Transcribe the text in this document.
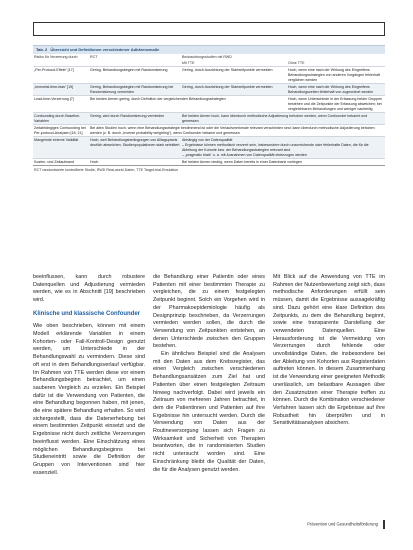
Tab. 2 Übersicht und Definitionen verschiedener Adhärenzmaße
Risiko für Verzerrung durch	RCT	Beobachtungsstudien mit RWD	
		Mit TTE	Ohne TTE
„Per-Protocol-Effekt“ [17]	Gering, Behandlungsbeginn mit Randomisierung	Gering, durch Ausrichtung der Startzeitpunkte vermeiden	Hoch, wenn eine nach der Wirkung des Eingreifens Behandlungsstrategien von anderen Vorgängen fehlerhaft verglichen werden
„Immortal-time-bias“ [19]	Gering, Behandlungsbeginn mit Randomisierung bei Randomisierung vermeiden	Gering, durch Ausrichtung der Startzeitpunkte vermeiden	Hoch, wenn eine nach der Wirkung des Eingreifens Behandlungszeiten fehlerhaft von zugeordnet werden
Lead-time-Verzerrung [7]	Bei beiden Armen gering, durch Definition der vergleichenden Behandlungsstrategien		Hoch, wenn Unterschiede in der Erfassung beider Gruppen bestehen und die Zeitpunkte der Erfassung abweichen; bei vergleichbaren Behandlungen und weniger nachteilig
Confounding durch Baseline-Variablen	Gering, wird durch Randomisierung vermieden	Bei beiden Armen hoch, kann überdurch methodische Adjustierung behoben werden, wenn Confounder bekannt und gemessen	
Zeitabhängiges Confounding bei Per-protocol-Analysen [18, 21]	Bei allen Studien hoch, wenn eine Behandlungsstrategie bestimmend ist oder die Verlaufsmerkmale relevant verschieden sind; kann überdurch methodische Adjustierung behoben werden (z. B. durch „Inverse probability weighting“), wenn Confounder bekannt und gemessen		
Mangelnde externe Validität	Hoch, weil Behandlungsbedingungen von Alltagspraxis deutlich abweichen, Studienpopulationen stark selektiert	Abhängig von der Datenqualität
– Ergebnisse können methodisch verzerrt sein, insbesondere durch unzureichende oder fehlerhafte Daten, die für die Ableitung der Kohorte bzw. der Behandlungsstrategien relevant sind
– „pragmatic trials“ u. a. mit Ausnahmen von Datenqualität einbezogen werden	
Kosten- und Zeitaufwand	Hoch	Bei beiden Armen niedrig, wenn Daten bereits in einer Datenbank vorliegen	
RCT randomisierte kontrollierte Studie, RWD Real-world-Daten, TTE Target-trial-Emulation

beeinflussen, kann durch robustere Datenquellen und Adjustierung vermieden werden, wie es in Abschnitt [19] beschrieben wird.

Klinische und klassische Confounder

Wie oben beschrieben, können mit einem Modell erklärende Variablen in einem Kohorten- oder Fall-Kontroll-Design genutzt werden, um Unterschiede in der Behandlungswahl zu vermindern. Diese sind oft erst in dem Behandlungsverlauf verfügbar. Im Rahmen von TTE werden diese vor einem Behandlungsbeginn betrachtet, um einen sauberen Vergleich zu erzielen. Ein Beispiel dafür ist die Verwendung von Patienten, die eine Behandlung begonnen haben, mit jenen, die eine spätere Behandlung erhalten. So wird sichergestellt, dass die Datenerhebung bei einem bestimmten Zeitpunkt einsetzt und die Ergebnisse nicht durch zeitliche Verzerrungen beeinflusst werden. Eine Einschätzung eines möglichen Behandlungsbeginns bei Studieneintritt sowie die Definition der Gruppen von Interventionen sind hier essenziell.

die Behandlung einer Patientin oder eines Patienten mit einer bestimmten Therapie zu vergleichen, die zu einem festgelegten Zeitpunkt beginnt. Solch ein Vorgehen wird in der Pharmakoepidemiologie häufig als Designprinzip beschrieben, da Verzerrungen vermieden werden sollen, die durch die Verwendung von Zeitpunkten entstehen, an denen Unterschiede zwischen den Gruppen bestehen.

Ein ähnliches Beispiel sind die Analysen mit den Daten aus dem Krebsregister, das einen Vergleich zwischen verschiedenen Behandlungsansätzen zum Ziel hat und Patienten über einen festgelegten Zeitraum hinweg nachverfolgt. Dabei wird jeweils ein Zeitraum von mehreren Jahren betrachtet, in dem die Patientinnen und Patienten auf ihre Ergebnisse hin untersucht werden. Durch die Verwendung von Daten aus der Routineversorgung lassen sich Fragen zu Wirksamkeit und Sicherheit von Therapien beantworten, die in randomisierten Studien nicht untersucht worden sind. Eine Einschränkung bleibt die Qualität der Daten, die für die Analysen genutzt werden.

Mit Blick auf die Anwendung von TTE im Rahmen der Nutzenbewertung zeigt sich, dass methodische Anforderungen erfüllt sein müssen, damit die Ergebnisse aussagekräftig sind. Dazu gehört eine klare Definition des Zeitpunkts, zu dem die Behandlung beginnt, sowie eine transparente Darstellung der verwendeten Datenquellen. Eine Herausforderung ist die Vermeidung von Verzerrungen durch fehlende oder unvollständige Daten, die insbesondere bei der Ableitung von Kohorten aus Registerdaten auftreten können. In diesem Zusammenhang ist die Verwendung einer geeigneten Methodik unerlässlich, um belastbare Aussagen über den Zusatznutzen einer Therapie treffen zu können. Durch die Kombination verschiedener Verfahren lassen sich die Ergebnisse auf ihre Robustheit hin überprüfen und in Sensitivitätsanalysen absichern.

Prävention und Gesundheitsförderung
